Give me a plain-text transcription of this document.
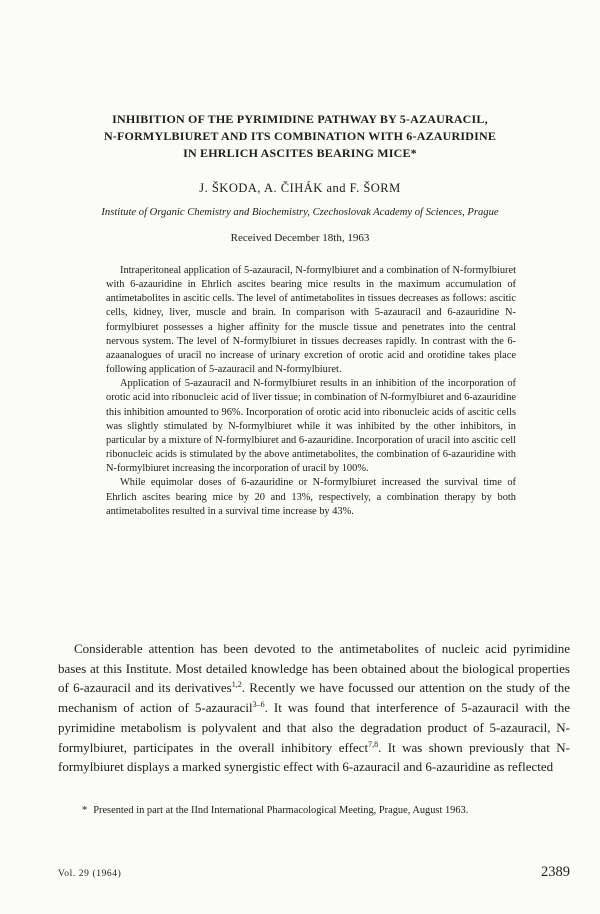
INHIBITION OF THE PYRIMIDINE PATHWAY BY 5-AZAURACIL,
N-FORMYLBIURET AND ITS COMBINATION WITH 6-AZAURIDINE
IN EHRLICH ASCITES BEARING MICE*

J. ŠKODA, A. ČIHÁK and F. ŠORM

Institute of Organic Chemistry and Biochemistry, Czechoslovak Academy of Sciences, Prague

Received December 18th, 1963

Intraperitoneal application of 5-azauracil, N-formylbiuret and a combination of N-formylbiuret with 6-azauridine in Ehrlich ascites bearing mice results in the maximum accumulation of antimetabolites in ascitic cells. The level of antimetabolites in tissues decreases as follows: ascitic cells, kidney, liver, muscle and brain. In comparison with 5-azauracil and 6-azauridine N-formylbiuret possesses a higher affinity for the muscle tissue and penetrates into the central nervous system. The level of N-formylbiuret in tissues decreases rapidly. In contrast with the 6-azaanalogues of uracil no increase of urinary excretion of orotic acid and orotidine takes place following application of 5-azauracil and N-formylbiuret.

Application of 5-azauracil and N-formylbiuret results in an inhibition of the incorporation of orotic acid into ribonucleic acid of liver tissue; in combination of N-formylbiuret and 6-azauridine this inhibition amounted to 96%. Incorporation of orotic acid into ribonucleic acids of ascitic cells was slightly stimulated by N-formylbiuret while it was inhibited by the other inhibitors, in particular by a mixture of N-formylbiuret and 6-azauridine. Incorporation of uracil into ascitic cell ribonucleic acids is stimulated by the above antimetabolites, the combination of 6-azauridine with N-formylbiuret increasing the incorporation of uracil by 100%.

While equimolar doses of 6-azauridine or N-formylbiuret increased the survival time of Ehrlich ascites bearing mice by 20 and 13%, respectively, a combination therapy by both antimetabolites resulted in a survival time increase by 43%.

Considerable attention has been devoted to the antimetabolites of nucleic acid pyrimidine bases at this Institute. Most detailed knowledge has been obtained about the biological properties of 6-azauracil and its derivatives$^{1,2}$. Recently we have focussed our attention on the study of the mechanism of action of 5-azauracil$^{3-6}$. It was found that interference of 5-azauracil with the pyrimidine metabolism is polyvalent and that also the degradation product of 5-azauracil, N-formylbiuret, participates in the overall inhibitory effect$^{7,8}$. It was shown previously that N-formylbiuret displays a marked synergistic effect with 6-azauracil and 6-azauridine as reflected

* Presented in part at the IInd International Pharmacological Meeting, Prague, August 1963.

Vol. 29 (1964)	2389
